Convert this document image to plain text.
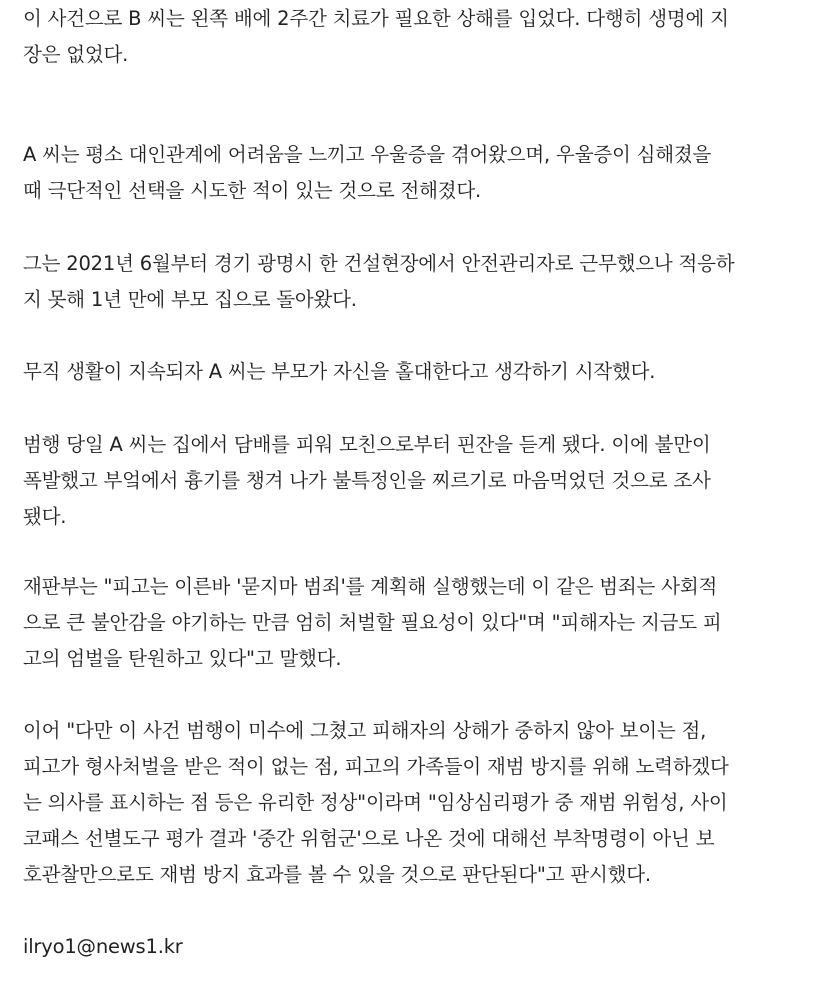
이 사건으로 B 씨는 왼쪽 배에 2주간 치료가 필요한 상해를 입었다. 다행히 생명에 지
장은 없었다.
A 씨는 평소 대인관계에 어려움을 느끼고 우울증을 겪어왔으며, 우울증이 심해졌을
때 극단적인 선택을 시도한 적이 있는 것으로 전해졌다.
그는 2021년 6월부터 경기 광명시 한 건설현장에서 안전관리자로 근무했으나 적응하
지 못해 1년 만에 부모 집으로 돌아왔다.
무직 생활이 지속되자 A 씨는 부모가 자신을 홀대한다고 생각하기 시작했다.
범행 당일 A 씨는 집에서 담배를 피워 모친으로부터 핀잔을 듣게 됐다. 이에 불만이
폭발했고 부엌에서 흉기를 챙겨 나가 불특정인을 찌르기로 마음먹었던 것으로 조사
됐다.
재판부는 "피고는 이른바 '묻지마 범죄'를 계획해 실행했는데 이 같은 범죄는 사회적
으로 큰 불안감을 야기하는 만큼 엄히 처벌할 필요성이 있다"며 "피해자는 지금도 피
고의 엄벌을 탄원하고 있다"고 말했다.
이어 "다만 이 사건 범행이 미수에 그쳤고 피해자의 상해가 중하지 않아 보이는 점,
피고가 형사처벌을 받은 적이 없는 점, 피고의 가족들이 재범 방지를 위해 노력하겠다
는 의사를 표시하는 점 등은 유리한 정상"이라며 "임상심리평가 중 재범 위험성, 사이
코패스 선별도구 평가 결과 '중간 위험군'으로 나온 것에 대해선 부착명령이 아닌 보
호관찰만으로도 재범 방지 효과를 볼 수 있을 것으로 판단된다"고 판시했다.
ilryo1@news1.kr
